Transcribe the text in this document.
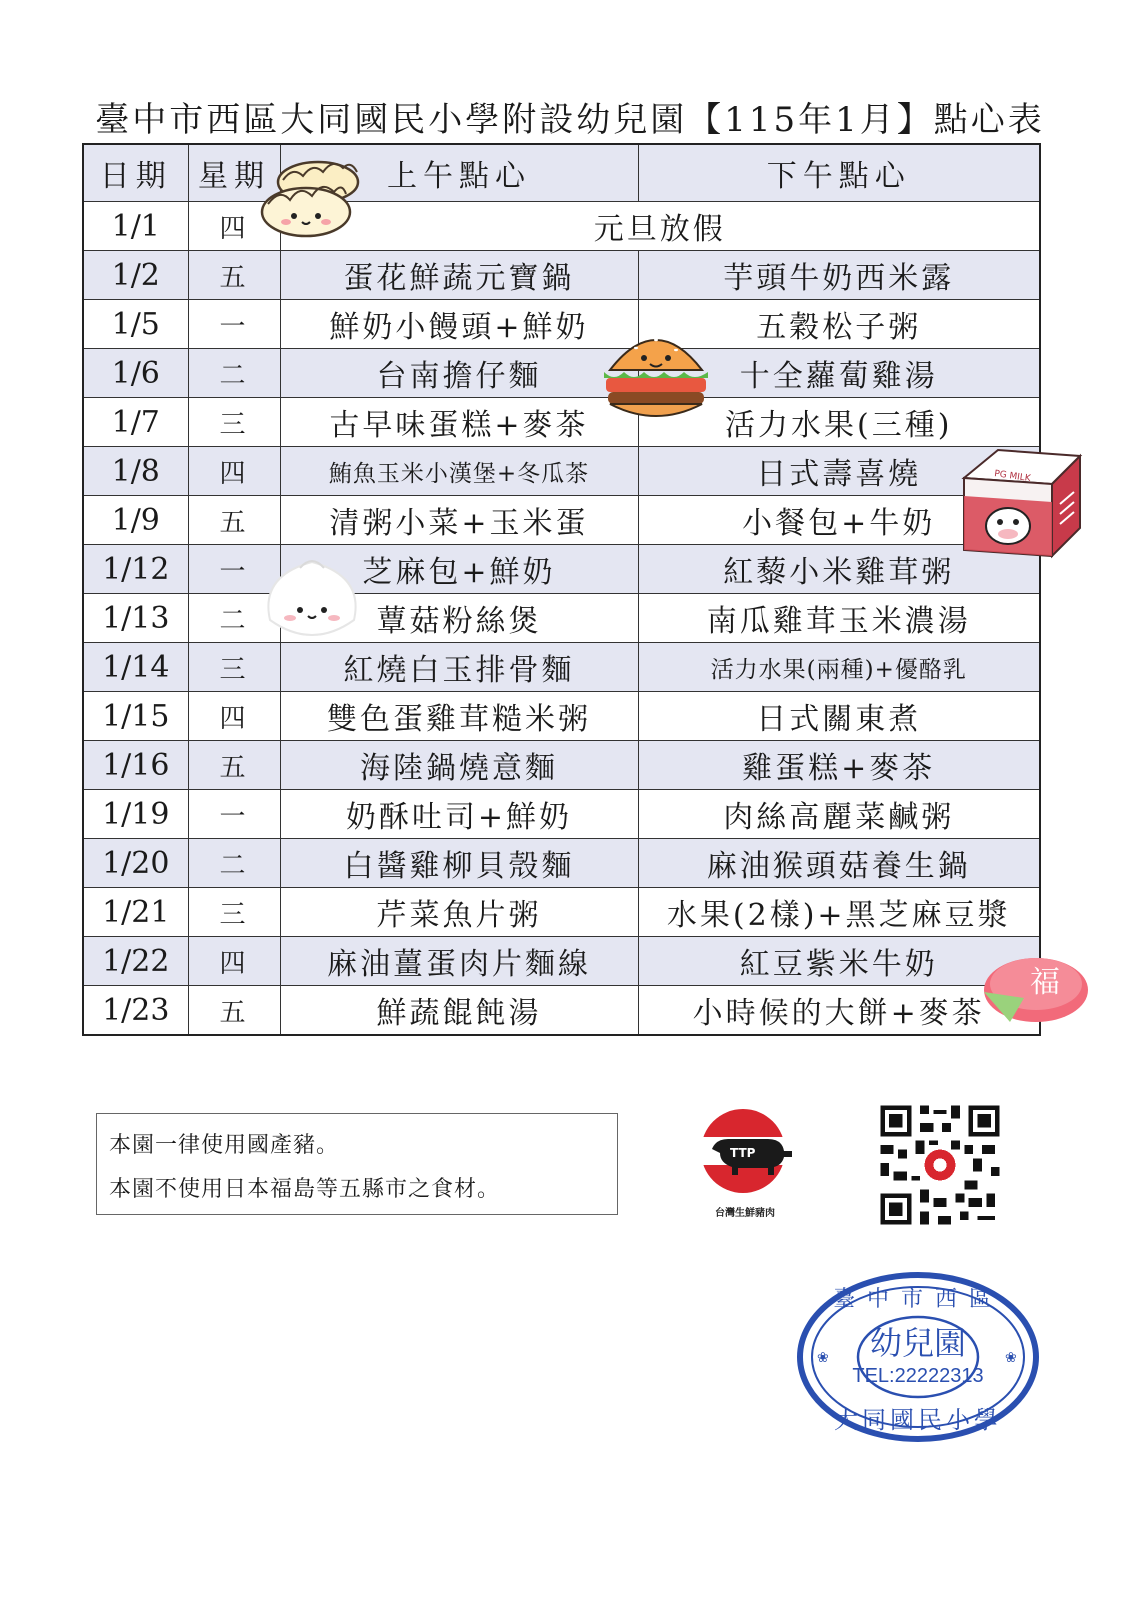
臺中市西區大同國民小學附設幼兒園【115年1月】點心表
日期	星期	上午點心	下午點心
1/1	四	元旦放假	
1/2	五	蛋花鮮蔬元寶鍋	芋頭牛奶西米露
1/5	一	鮮奶小饅頭+鮮奶	五穀松子粥
1/6	二	台南擔仔麵	十全蘿蔔雞湯
1/7	三	古早味蛋糕+麥茶	活力水果(三種)
1/8	四	鮪魚玉米小漢堡+冬瓜茶	日式壽喜燒
1/9	五	清粥小菜+玉米蛋	小餐包+牛奶
1/12	一	芝麻包+鮮奶	紅藜小米雞茸粥
1/13	二	蕈菇粉絲煲	南瓜雞茸玉米濃湯
1/14	三	紅燒白玉排骨麵	活力水果(兩種)+優酪乳
1/15	四	雙色蛋雞茸糙米粥	日式關東煮
1/16	五	海陸鍋燒意麵	雞蛋糕+麥茶
1/19	一	奶酥吐司+鮮奶	肉絲高麗菜鹹粥
1/20	二	白醬雞柳貝殼麵	麻油猴頭菇養生鍋
1/21	三	芹菜魚片粥	水果(2樣)+黑芝麻豆漿
1/22	四	麻油薑蛋肉片麵線	紅豆紫米牛奶
1/23	五	鮮蔬餛飩湯	小時候的大餅+麥茶
PG MILK
福
本園一律使用國產豬。
本園不使用日本福島等五縣市之食材。
TTP
台灣生鮮豬肉
❀	❀
臺中市西區
幼兒園
TEL:22222313
大同國民小學
